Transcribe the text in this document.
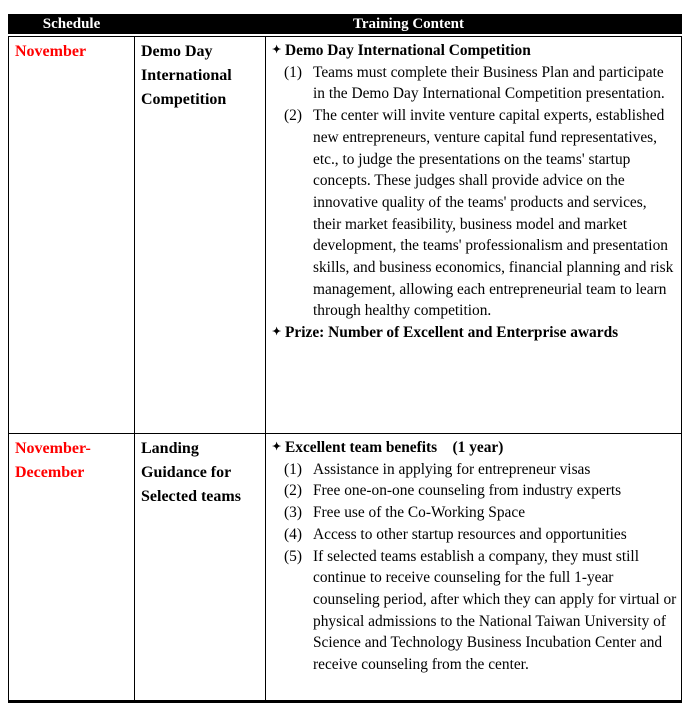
Schedule	Training Content
November	Demo Day International Competition
✦ Demo Day International Competition
(1) Teams must complete their Business Plan and participate in the Demo Day International Competition presentation.
(2) The center will invite venture capital experts, established new entrepreneurs, venture capital fund representatives, etc., to judge the presentations on the teams' startup concepts. These judges shall provide advice on the innovative quality of the teams' products and services, their market feasibility, business model and market development, the teams' professionalism and presentation skills, and business economics, financial planning and risk management, allowing each entrepreneurial team to learn through healthy competition.
✦ Prize: Number of Excellent and Enterprise awards
November-December
Landing Guidance for Selected teams
✦ Excellent team benefits    (1 year)
(1) Assistance in applying for entrepreneur visas
(2) Free one-on-one counseling from industry experts
(3) Free use of the Co-Working Space
(4) Access to other startup resources and opportunities
(5) If selected teams establish a company, they must still continue to receive counseling for the full 1-year counseling period, after which they can apply for virtual or physical admissions to the National Taiwan University of Science and Technology Business Incubation Center and receive counseling from the center.
